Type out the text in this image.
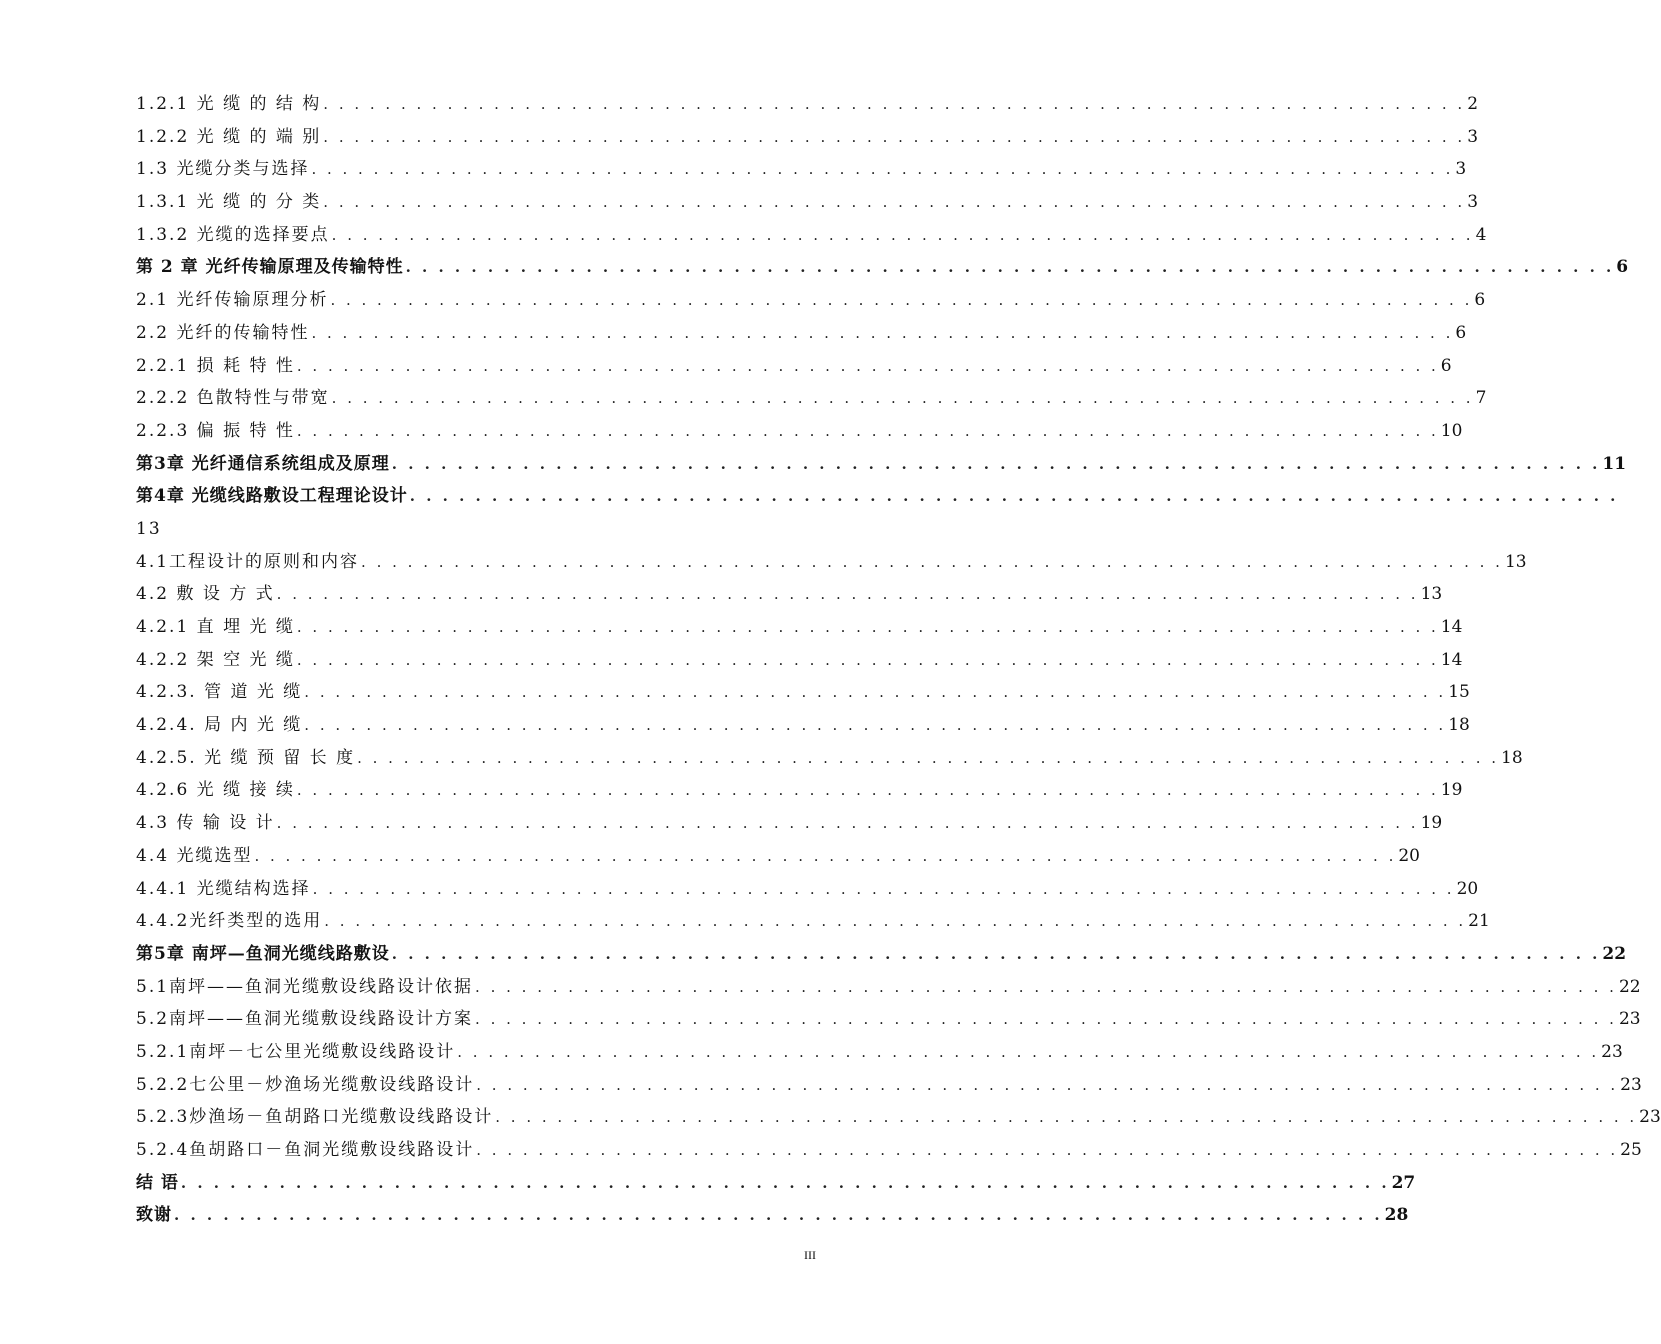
1.2.1 光 缆 的 结 构 . . . . . . . . . . . . . . . . . . . . . . . . . . . . . . . . . . . . . . . . . . . . . . . . . . . . . . . . . . . . . . . . . . . . . . . . . . 2
1.2.2 光 缆 的 端 别 . . . . . . . . . . . . . . . . . . . . . . . . . . . . . . . . . . . . . . . . . . . . . . . . . . . . . . . . . . . . . . . . . . . . . . . . . . 3
1.3 光缆分类与选择 . . . . . . . . . . . . . . . . . . . . . . . . . . . . . . . . . . . . . . . . . . . . . . . . . . . . . . . . . . . . . . . . . . . . . . . . . . 3
1.3.1 光 缆 的 分 类 . . . . . . . . . . . . . . . . . . . . . . . . . . . . . . . . . . . . . . . . . . . . . . . . . . . . . . . . . . . . . . . . . . . . . . . . . . 3
1.3.2 光缆的选择要点 . . . . . . . . . . . . . . . . . . . . . . . . . . . . . . . . . . . . . . . . . . . . . . . . . . . . . . . . . . . . . . . . . . . . . . . . . . 4
第 2 章 光纤传输原理及传输特性 . . . . . . . . . . . . . . . . . . . . . . . . . . . . . . . . . . . . . . . . . . . . . . . . . . . . . . . . . . . . . . . . . . . . . . . . . . 6
2.1 光纤传输原理分析 . . . . . . . . . . . . . . . . . . . . . . . . . . . . . . . . . . . . . . . . . . . . . . . . . . . . . . . . . . . . . . . . . . . . . . . . . . 6
2.2 光纤的传输特性 . . . . . . . . . . . . . . . . . . . . . . . . . . . . . . . . . . . . . . . . . . . . . . . . . . . . . . . . . . . . . . . . . . . . . . . . . . 6
2.2.1 损 耗 特 性 . . . . . . . . . . . . . . . . . . . . . . . . . . . . . . . . . . . . . . . . . . . . . . . . . . . . . . . . . . . . . . . . . . . . . . . . . . 6
2.2.2 色散特性与带宽 . . . . . . . . . . . . . . . . . . . . . . . . . . . . . . . . . . . . . . . . . . . . . . . . . . . . . . . . . . . . . . . . . . . . . . . . . . 7
2.2.3 偏 振 特 性 . . . . . . . . . . . . . . . . . . . . . . . . . . . . . . . . . . . . . . . . . . . . . . . . . . . . . . . . . . . . . . . . . . . . . . . . . . 10
第3章 光纤通信系统组成及原理 . . . . . . . . . . . . . . . . . . . . . . . . . . . . . . . . . . . . . . . . . . . . . . . . . . . . . . . . . . . . . . . . . . . . . . . . . . 11
第4章 光缆线路敷设工程理论设计 . . . . . . . . . . . . . . . . . . . . . . . . . . . . . . . . . . . . . . . . . . . . . . . . . . . . . . . . . . . . . . . . . . . . . . . . . .
13
4.1工程设计的原则和内容 . . . . . . . . . . . . . . . . . . . . . . . . . . . . . . . . . . . . . . . . . . . . . . . . . . . . . . . . . . . . . . . . . . . . . . . . . . 13
4.2 敷 设 方 式 . . . . . . . . . . . . . . . . . . . . . . . . . . . . . . . . . . . . . . . . . . . . . . . . . . . . . . . . . . . . . . . . . . . . . . . . . . 13
4.2.1 直 埋 光 缆 . . . . . . . . . . . . . . . . . . . . . . . . . . . . . . . . . . . . . . . . . . . . . . . . . . . . . . . . . . . . . . . . . . . . . . . . . . 14
4.2.2 架 空 光 缆 . . . . . . . . . . . . . . . . . . . . . . . . . . . . . . . . . . . . . . . . . . . . . . . . . . . . . . . . . . . . . . . . . . . . . . . . . . 14
4.2.3. 管 道 光 缆 . . . . . . . . . . . . . . . . . . . . . . . . . . . . . . . . . . . . . . . . . . . . . . . . . . . . . . . . . . . . . . . . . . . . . . . . . . 15
4.2.4. 局 内 光 缆 . . . . . . . . . . . . . . . . . . . . . . . . . . . . . . . . . . . . . . . . . . . . . . . . . . . . . . . . . . . . . . . . . . . . . . . . . . 18
4.2.5. 光 缆 预 留 长 度 . . . . . . . . . . . . . . . . . . . . . . . . . . . . . . . . . . . . . . . . . . . . . . . . . . . . . . . . . . . . . . . . . . . . . . . . . . 18
4.2.6 光 缆 接 续 . . . . . . . . . . . . . . . . . . . . . . . . . . . . . . . . . . . . . . . . . . . . . . . . . . . . . . . . . . . . . . . . . . . . . . . . . . 19
4.3 传 输 设 计 . . . . . . . . . . . . . . . . . . . . . . . . . . . . . . . . . . . . . . . . . . . . . . . . . . . . . . . . . . . . . . . . . . . . . . . . . . 19
4.4 光缆选型 . . . . . . . . . . . . . . . . . . . . . . . . . . . . . . . . . . . . . . . . . . . . . . . . . . . . . . . . . . . . . . . . . . . . . . . . . . 20
4.4.1 光缆结构选择 . . . . . . . . . . . . . . . . . . . . . . . . . . . . . . . . . . . . . . . . . . . . . . . . . . . . . . . . . . . . . . . . . . . . . . . . . . 20
4.4.2光纤类型的选用 . . . . . . . . . . . . . . . . . . . . . . . . . . . . . . . . . . . . . . . . . . . . . . . . . . . . . . . . . . . . . . . . . . . . . . . . . . 21
第5章 南坪—鱼洞光缆线路敷设 . . . . . . . . . . . . . . . . . . . . . . . . . . . . . . . . . . . . . . . . . . . . . . . . . . . . . . . . . . . . . . . . . . . . . . . . . . 22
5.1南坪——鱼洞光缆敷设线路设计依据 . . . . . . . . . . . . . . . . . . . . . . . . . . . . . . . . . . . . . . . . . . . . . . . . . . . . . . . . . . . . . . . . . . . . . . . . . . 22
5.2南坪——鱼洞光缆敷设线路设计方案 . . . . . . . . . . . . . . . . . . . . . . . . . . . . . . . . . . . . . . . . . . . . . . . . . . . . . . . . . . . . . . . . . . . . . . . . . . 23
5.2.1南坪－七公里光缆敷设线路设计 . . . . . . . . . . . . . . . . . . . . . . . . . . . . . . . . . . . . . . . . . . . . . . . . . . . . . . . . . . . . . . . . . . . . . . . . . . 23
5.2.2七公里－炒渔场光缆敷设线路设计 . . . . . . . . . . . . . . . . . . . . . . . . . . . . . . . . . . . . . . . . . . . . . . . . . . . . . . . . . . . . . . . . . . . . . . . . . . 23
5.2.3炒渔场－鱼胡路口光缆敷设线路设计 . . . . . . . . . . . . . . . . . . . . . . . . . . . . . . . . . . . . . . . . . . . . . . . . . . . . . . . . . . . . . . . . . . . . . . . . . . 23
5.2.4鱼胡路口－鱼洞光缆敷设线路设计 . . . . . . . . . . . . . . . . . . . . . . . . . . . . . . . . . . . . . . . . . . . . . . . . . . . . . . . . . . . . . . . . . . . . . . . . . . 25
结 语 . . . . . . . . . . . . . . . . . . . . . . . . . . . . . . . . . . . . . . . . . . . . . . . . . . . . . . . . . . . . . . . . . . . . . . . . . . 27
致谢 . . . . . . . . . . . . . . . . . . . . . . . . . . . . . . . . . . . . . . . . . . . . . . . . . . . . . . . . . . . . . . . . . . . . . . . . . . 28
III
